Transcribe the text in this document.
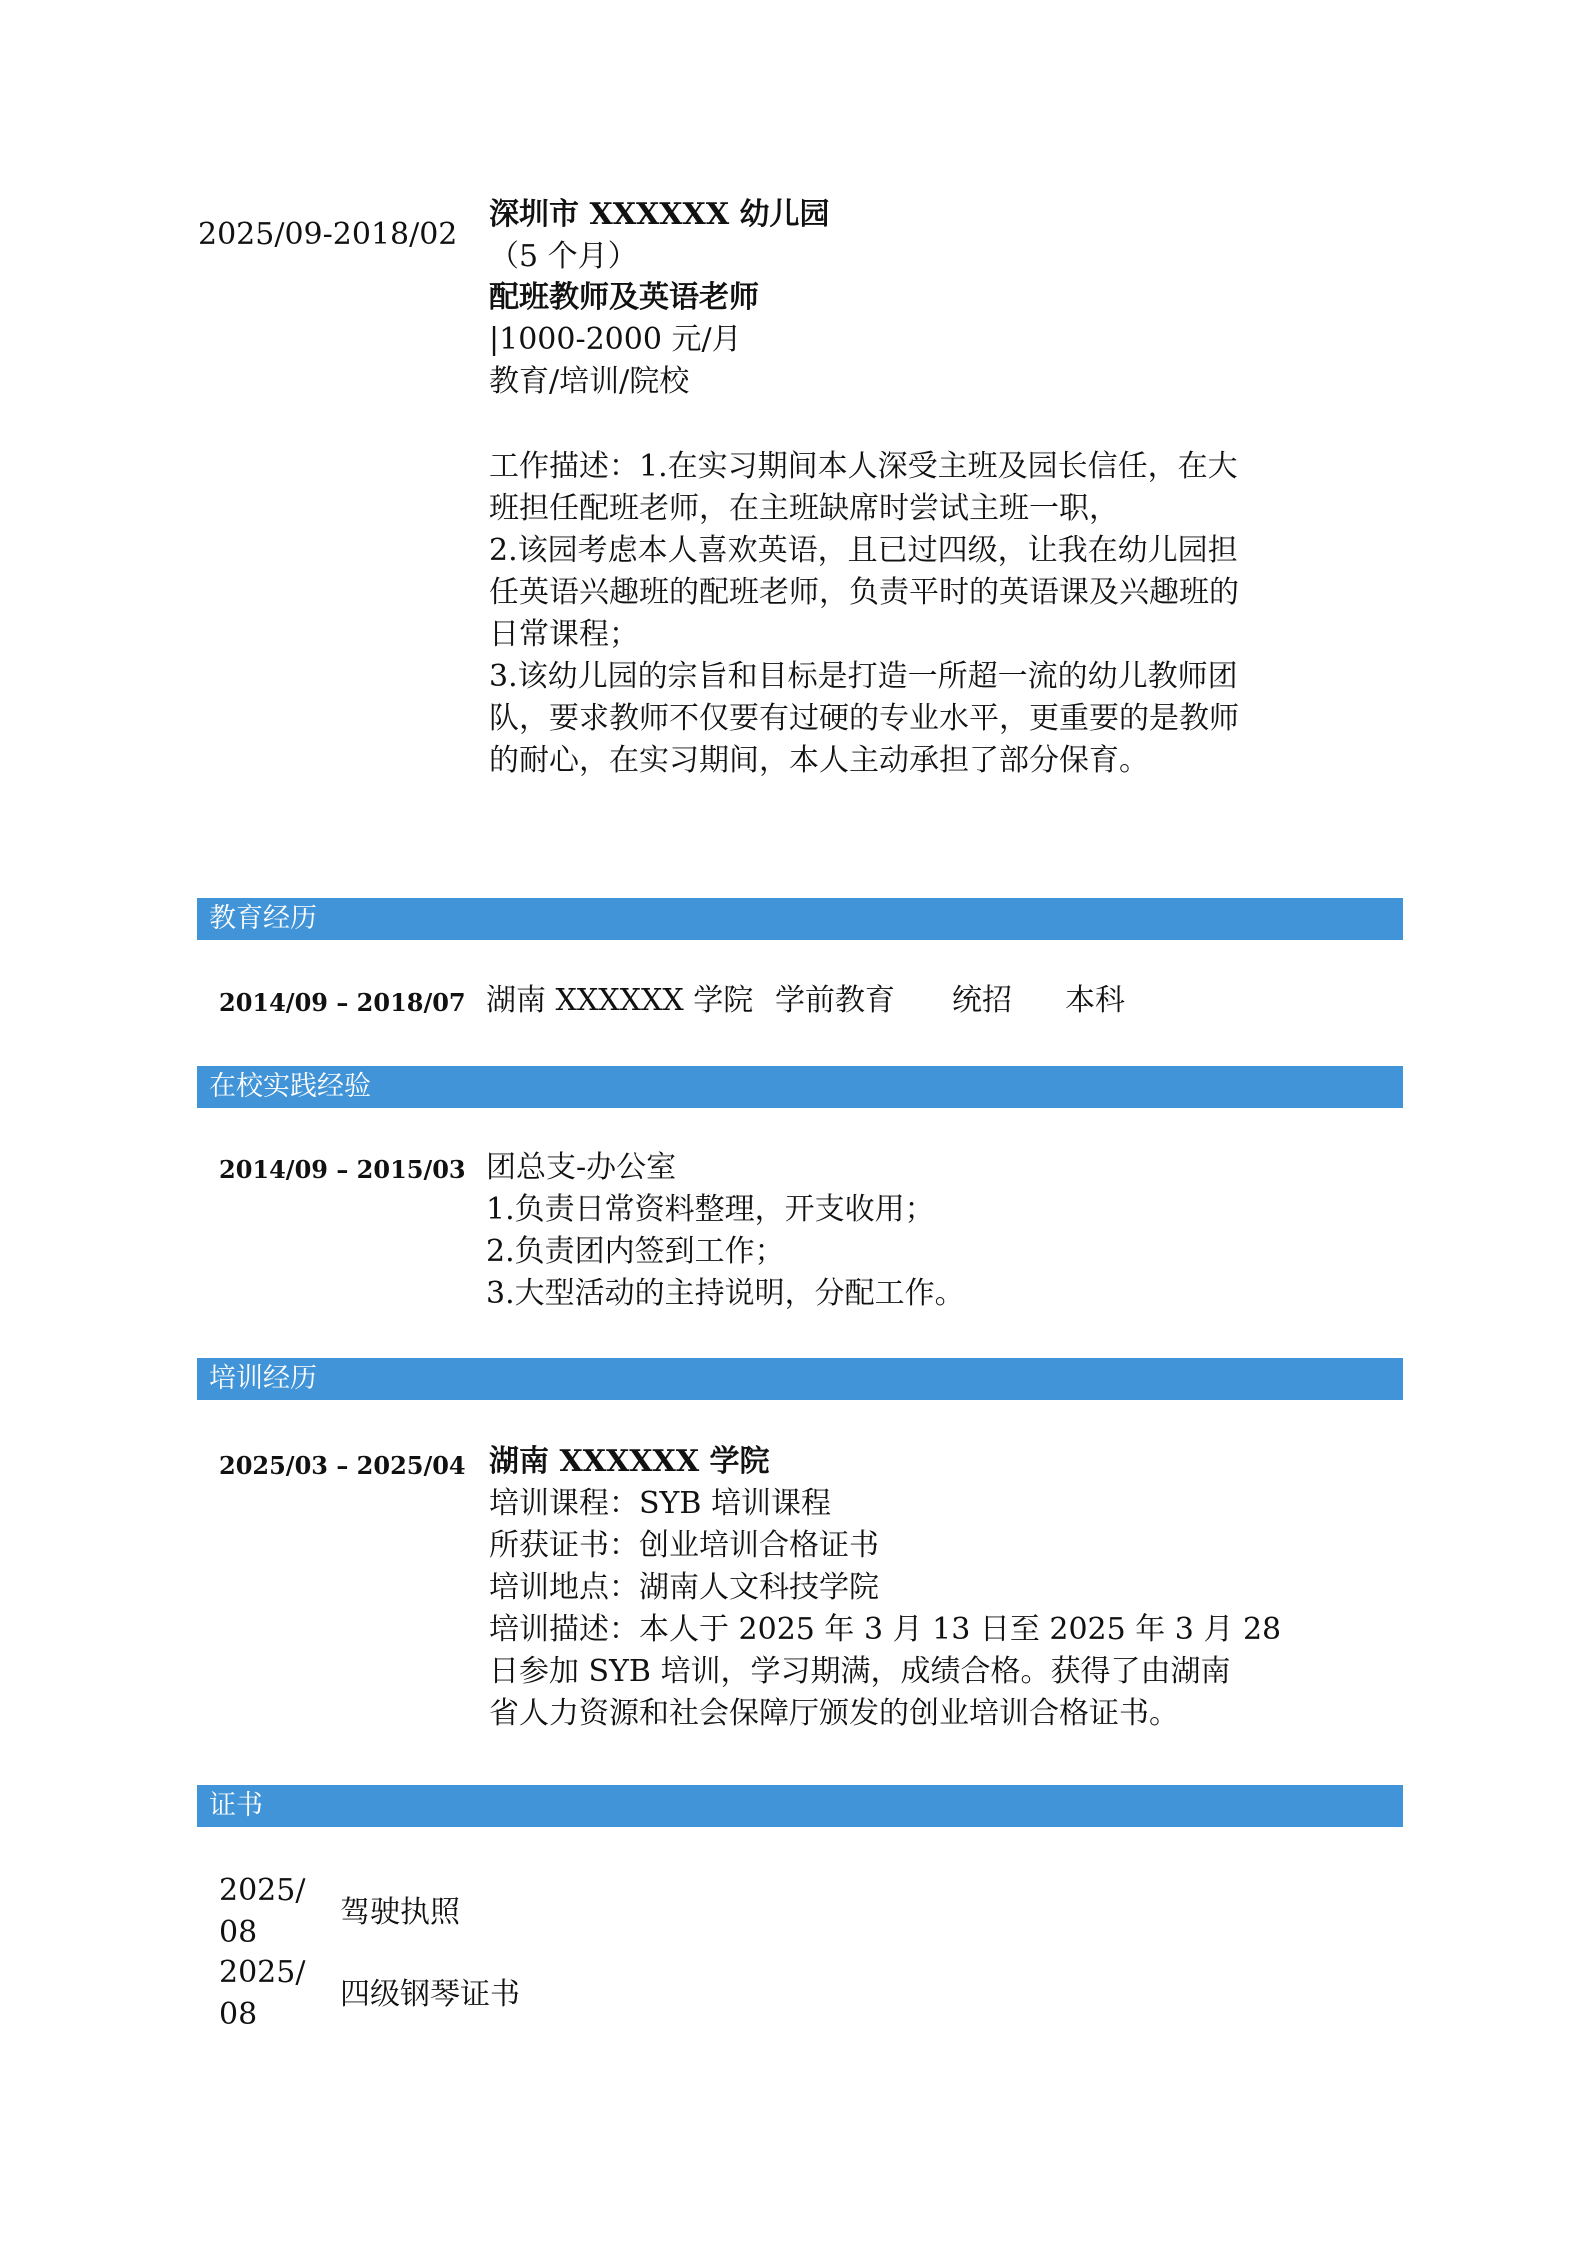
2025/09-2018/02
深圳市 XXXXXX 幼儿园
（5 个月）
配班教师及英语老师
|1000-2000 元/月
教育/培训/院校
工作描述：1.在实习期间本人深受主班及园长信任，在大
班担任配班老师，在主班缺席时尝试主班一职，
2.该园考虑本人喜欢英语，且已过四级，让我在幼儿园担
任英语兴趣班的配班老师，负责平时的英语课及兴趣班的
日常课程；
3.该幼儿园的宗旨和目标是打造一所超一流的幼儿教师团
队，要求教师不仅要有过硬的专业水平，更重要的是教师
的耐心，在实习期间，本人主动承担了部分保育。
教育经历
2014/09 – 2018/07 湖南 XXXXXX 学院 学前教育 统招 本科
在校实践经验
2014/09 – 2015/03 团总支-办公室
1.负责日常资料整理，开支收用；
2.负责团内签到工作；
3.大型活动的主持说明，分配工作。
培训经历
2025/03 – 2025/04 湖南 XXXXXX 学院
培训课程：SYB 培训课程
所获证书：创业培训合格证书
培训地点：湖南人文科技学院
培训描述：本人于 2025 年 3 月 13 日至 2025 年 3 月 28
日参加 SYB 培训，学习期满，成绩合格。获得了由湖南
省人力资源和社会保障厅颁发的创业培训合格证书。
证书
2025/
08
驾驶执照
2025/
08
四级钢琴证书
